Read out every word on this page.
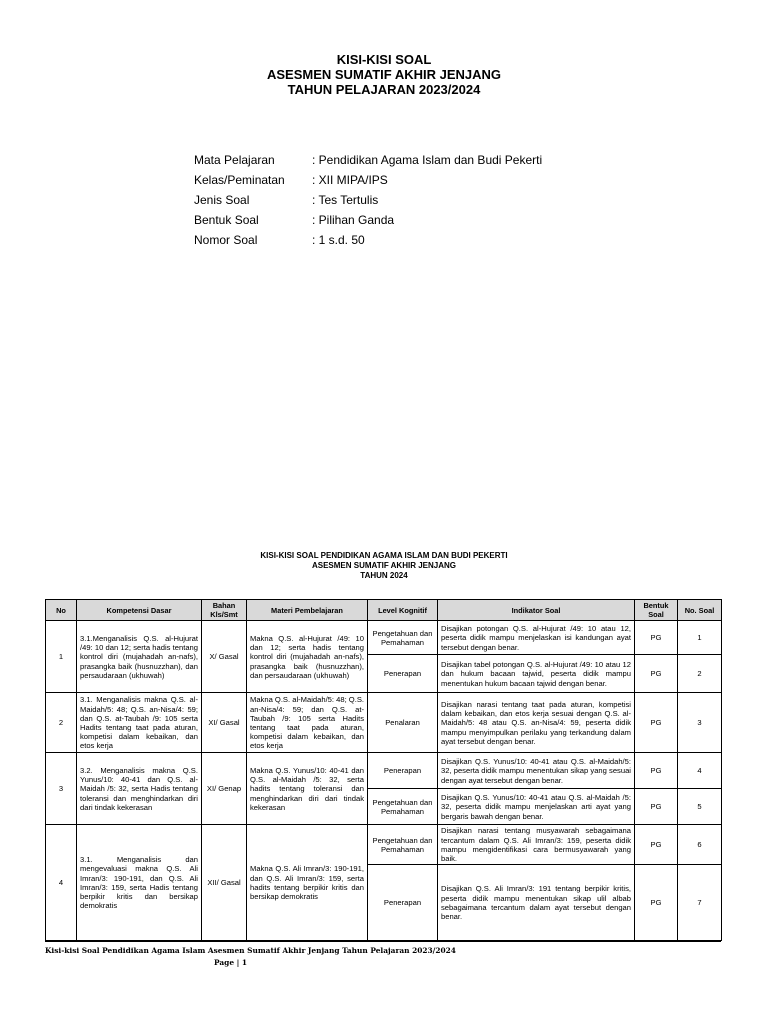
KISI-KISI SOAL
ASESMEN SUMATIF AKHIR JENJANG
TAHUN PELAJARAN 2023/2024
Mata Pelajaran	: Pendidikan Agama Islam dan Budi Pekerti
Kelas/Peminatan	: XII MIPA/IPS
Jenis Soal	: Tes Tertulis
Bentuk Soal	: Pilihan Ganda
Nomor Soal	: 1 s.d. 50
KISI-KISI SOAL PENDIDIKAN AGAMA ISLAM DAN BUDI PEKERTI
ASESMEN SUMATIF AKHIR JENJANG
TAHUN 2024
No	Kompetensi Dasar	Bahan Kls/Smt	Materi Pembelajaran	Level Kognitif	Indikator Soal	Bentuk Soal	No. Soal
1	3.1.Menganalisis Q.S. al-Hujurat /49: 10 dan 12; serta hadis tentang kontrol diri (mujahadah an-nafs), prasangka baik (husnuzzhan), dan persaudaraan (ukhuwah)	X/ Gasal	Makna Q.S. al-Hujurat /49: 10 dan 12; serta hadis tentang kontrol diri (mujahadah an-nafs), prasangka baik (husnuzzhan), dan persaudaraan (ukhuwah)	Pengetahuan dan Pemahaman	Disajikan potongan Q.S. al-Hujurat /49: 10 atau 12, peserta didik mampu menjelaskan isi kandungan ayat tersebut dengan benar.	PG	1
				Penerapan	Disajikan tabel potongan Q.S. al-Hujurat /49: 10 atau 12 dan hukum bacaan tajwid, peserta didik mampu menentukan hukum bacaan tajwid dengan benar.	PG	2
2	3.1. Menganalisis makna Q.S. al-Maidah/5: 48; Q.S. an-Nisa/4: 59; dan Q.S. at-Taubah /9: 105 serta Hadits tentang taat pada aturan, kompetisi dalam kebaikan, dan etos kerja	XI/ Gasal	Makna Q.S. al-Maidah/5: 48; Q.S. an-Nisa/4: 59; dan Q.S. at-Taubah /9: 105 serta Hadits tentang taat pada aturan, kompetisi dalam kebaikan, dan etos kerja	Penalaran	Disajikan narasi tentang taat pada aturan, kompetisi dalam kebaikan, dan etos kerja sesuai dengan Q.S. al-Maidah/5: 48 atau Q.S. an-Nisa/4: 59, peserta didik mampu menyimpulkan perilaku yang terkandung dalam ayat tersebut dengan benar.	PG	3
3	3.2. Menganalisis makna Q.S. Yunus/10: 40-41 dan Q.S. al-Maidah /5: 32, serta Hadis tentang toleransi dan menghindarkan diri dari tindak kekerasan	XI/ Genap	Makna Q.S. Yunus/10: 40-41 dan Q.S. al-Maidah /5: 32, serta hadits tentang toleransi dan menghindarkan diri dari tindak kekerasan	Penerapan	Disajikan Q.S. Yunus/10: 40-41 atau Q.S. al-Maidah/5: 32, peserta didik mampu menentukan sikap yang sesuai dengan ayat tersebut dengan benar.	PG	4
				Pengetahuan dan Pemahaman	Disajikan Q.S. Yunus/10: 40-41 atau Q.S. al-Maidah /5: 32, peserta didik mampu menjelaskan arti ayat yang bergaris bawah dengan benar.	PG	5
4	3.1. Menganalisis dan mengevaluasi makna Q.S. Ali Imran/3: 190-191, dan Q.S. Ali Imran/3: 159, serta Hadis tentang berpikir kritis dan bersikap demokratis	XII/ Gasal	Makna Q.S. Ali Imran/3: 190-191, dan Q.S. Ali Imran/3: 159, serta hadits tentang berpikir kritis dan bersikap demokratis	Pengetahuan dan Pemahaman	Disajikan narasi tentang musyawarah sebagaimana tercantum dalam Q.S. Ali Imran/3: 159, peserta didik mampu mengidentifikasi cara bermusyawarah yang baik.	PG	6
				Penerapan	Disajikan Q.S. Ali Imran/3: 191 tentang berpikir kritis, peserta didik mampu menentukan sikap ulil albab sebagaimana tercantum dalam ayat tersebut dengan benar.	PG	7
Kisi-kisi Soal Pendidikan Agama Islam Asesmen Sumatif Akhir Jenjang Tahun Pelajaran 2023/2024
Page | 1
